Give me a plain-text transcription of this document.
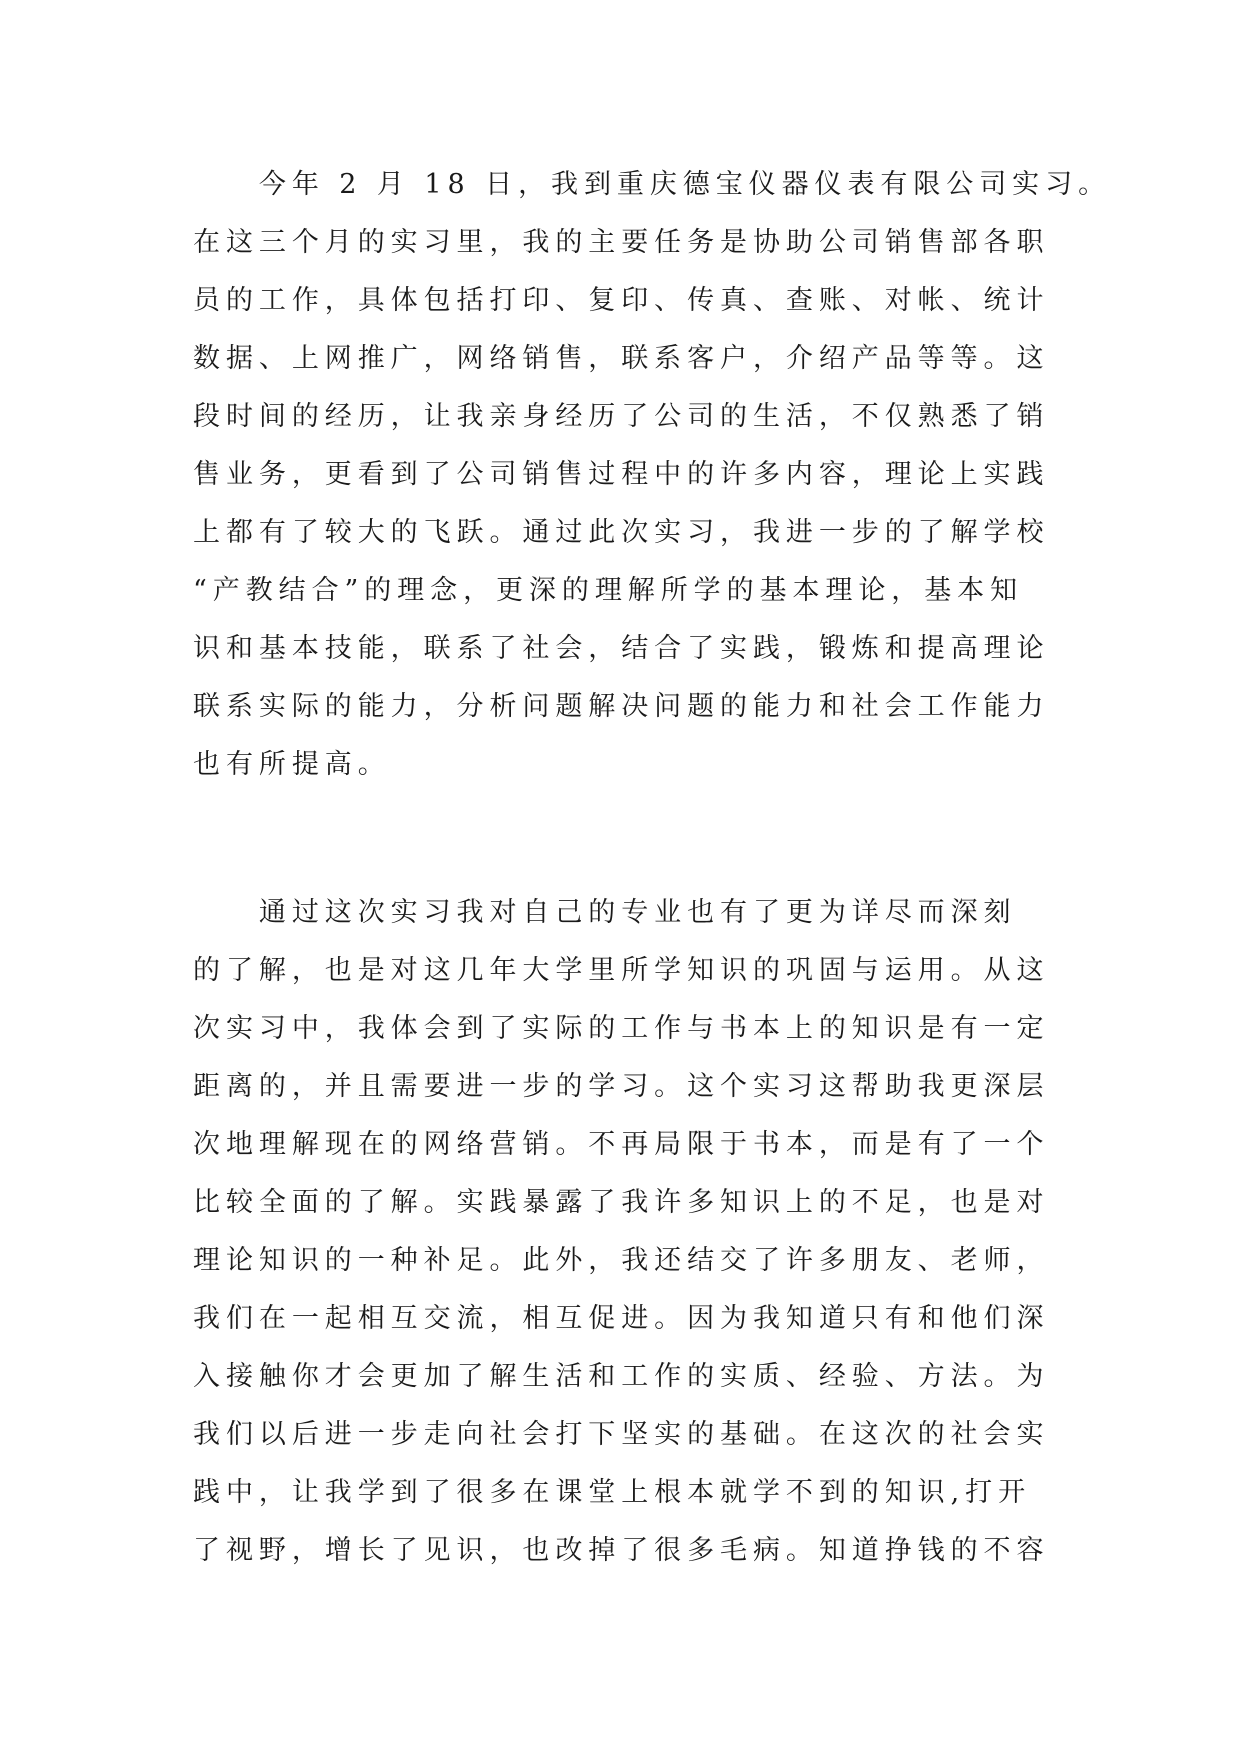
　　今年 2 月 18 日，我到重庆德宝仪器仪表有限公司实习。
在这三个月的实习里，我的主要任务是协助公司销售部各职
员的工作，具体包括打印、复印、传真、查账、对帐、统计
数据、上网推广，网络销售，联系客户，介绍产品等等。这
段时间的经历，让我亲身经历了公司的生活，不仅熟悉了销
售业务，更看到了公司销售过程中的许多内容，理论上实践
上都有了较大的飞跃。通过此次实习，我进一步的了解学校
“产教结合”的理念，更深的理解所学的基本理论，基本知
识和基本技能，联系了社会，结合了实践，锻炼和提高理论
联系实际的能力，分析问题解决问题的能力和社会工作能力
也有所提高。
　　通过这次实习我对自己的专业也有了更为详尽而深刻
的了解，也是对这几年大学里所学知识的巩固与运用。从这
次实习中，我体会到了实际的工作与书本上的知识是有一定
距离的，并且需要进一步的学习。这个实习这帮助我更深层
次地理解现在的网络营销。不再局限于书本，而是有了一个
比较全面的了解。实践暴露了我许多知识上的不足，也是对
理论知识的一种补足。此外，我还结交了许多朋友、老师，
我们在一起相互交流，相互促进。因为我知道只有和他们深
入接触你才会更加了解生活和工作的实质、经验、方法。为
我们以后进一步走向社会打下坚实的基础。在这次的社会实
践中，让我学到了很多在课堂上根本就学不到的知识,打开
了视野，增长了见识，也改掉了很多毛病。知道挣钱的不容
